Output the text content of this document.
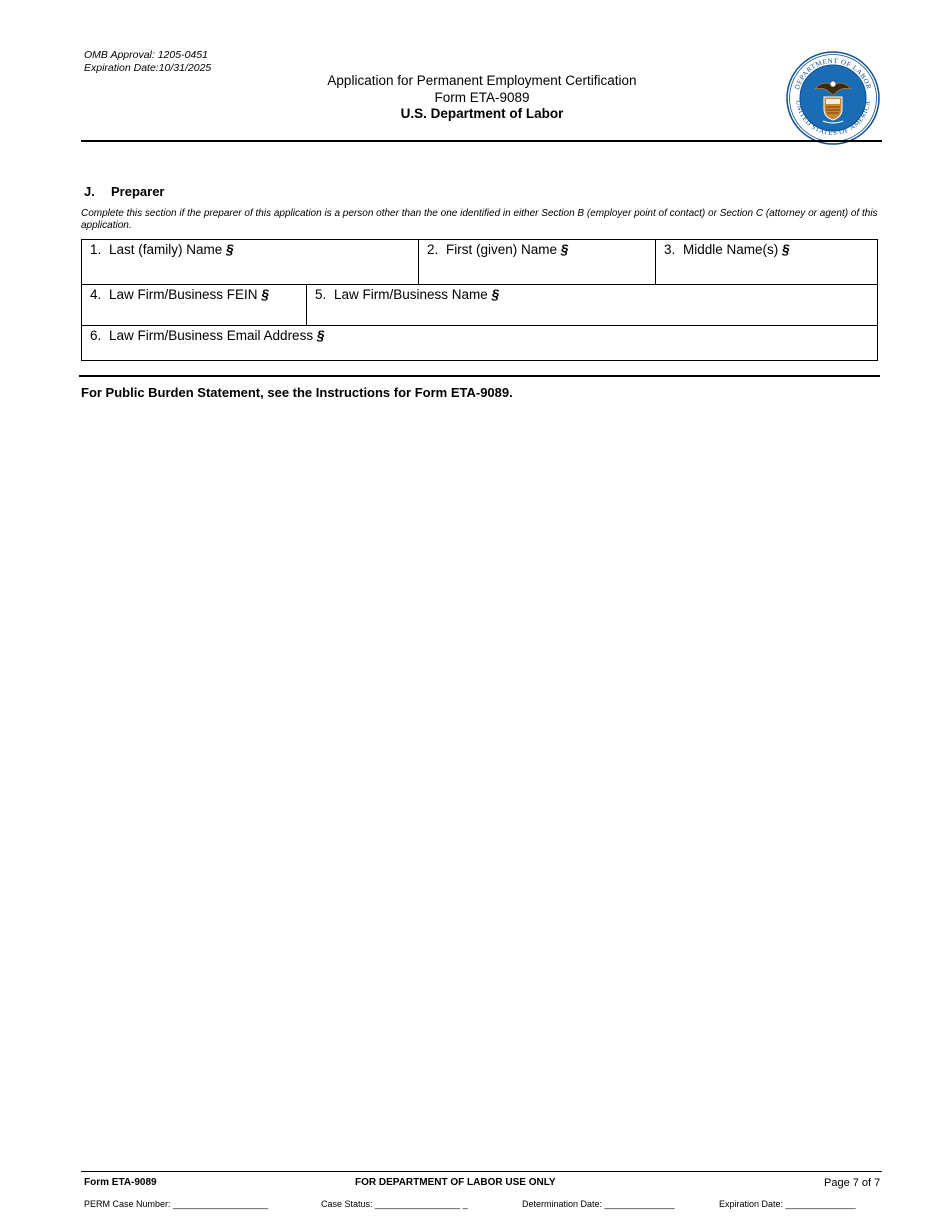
OMB Approval: 1205-0451
Expiration Date:10/31/2025
Application for Permanent Employment Certification
Form ETA-9089
U.S. Department of Labor
DEPARTMENT OF LABOR
UNITED STATES OF AMERICA
J. Preparer
Complete this section if the preparer of this application is a person other than the one identified in either Section B (employer point of contact) or Section C (attorney or agent) of this application.
1. Last (family) Name §	2. First (given) Name §	3. Middle Name(s) §
4. Law Firm/Business FEIN §	5. Law Firm/Business Name §
6. Law Firm/Business Email Address §
For Public Burden Statement, see the Instructions for Form ETA-9089.
Form ETA-9089	FOR DEPARTMENT OF LABOR USE ONLY	Page 7 of 7
PERM Case Number: ___________________	Case Status: _________________ _	Determination Date: ______________	Expiration Date: ______________
